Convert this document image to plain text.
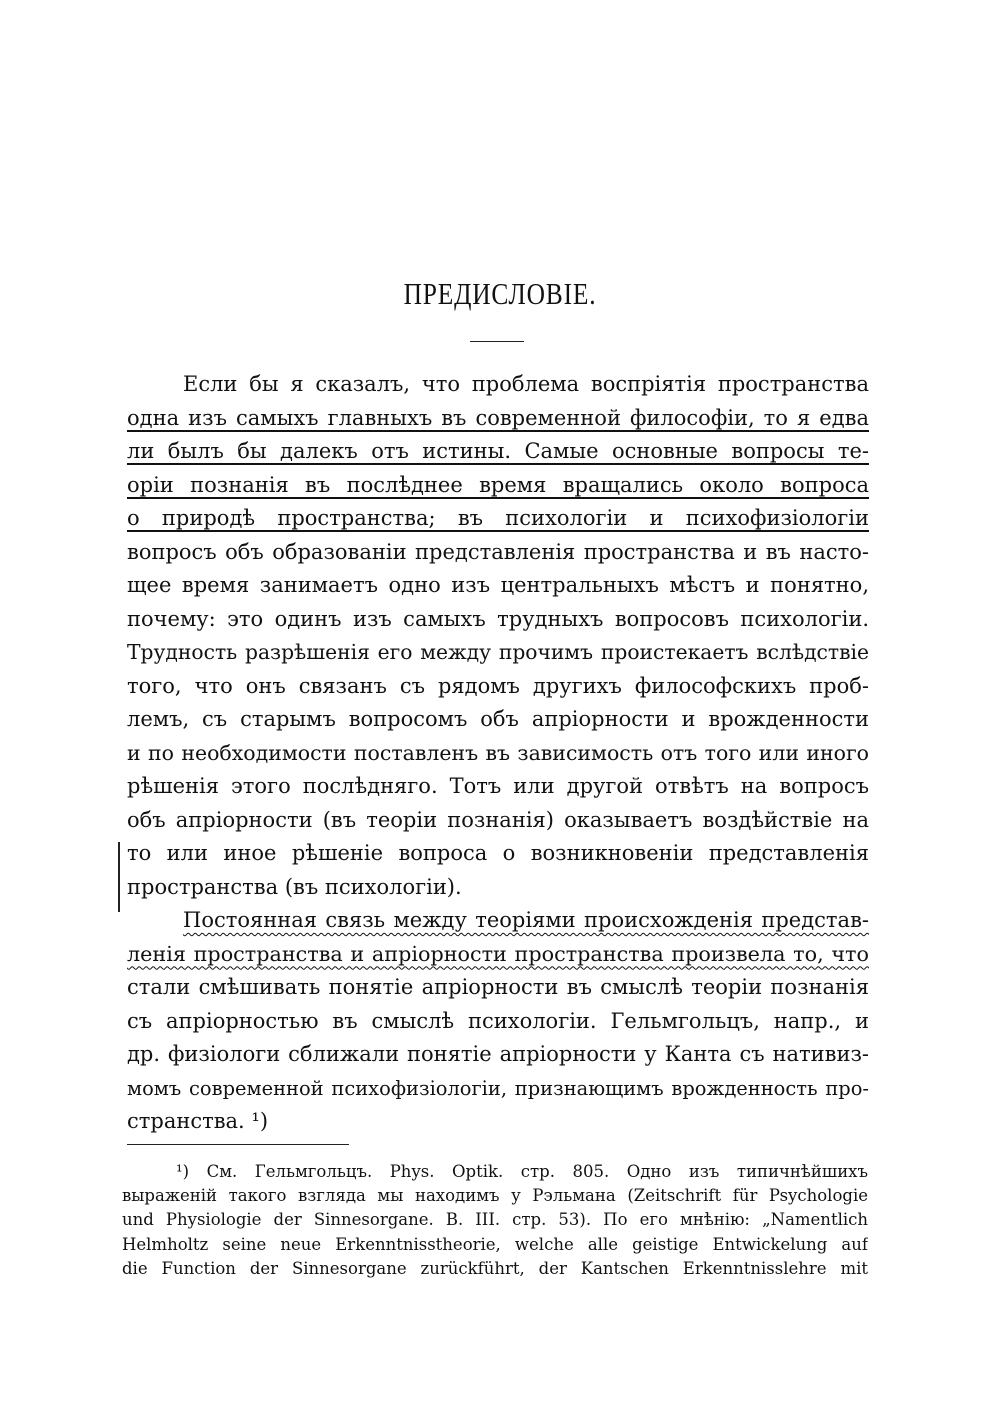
ПРЕДИСЛОВІЕ.
Если бы я сказалъ, что проблема воспріятія пространства
одна изъ самыхъ главныхъ въ современной философіи, то я едва
ли былъ бы далекъ отъ истины. Самые основные вопросы те-
оріи познанія въ послѣднее время вращались около вопроса
о природѣ пространства; въ психологіи и психофизіологіи
вопросъ объ образованіи представленія пространства и въ насто-
щее время занимаетъ одно изъ центральныхъ мѣстъ и понятно,
почему: это одинъ изъ самыхъ трудныхъ вопросовъ психологіи.
Трудность разрѣшенія его между прочимъ проистекаетъ вслѣдствіе
того, что онъ связанъ съ рядомъ другихъ философскихъ проб-
лемъ, съ старымъ вопросомъ объ апріорности и врожденности
и по необходимости поставленъ въ зависимость отъ того или иного
рѣшенія этого послѣдняго. Тотъ или другой отвѣтъ на вопросъ
объ апріорности (въ теоріи познанія) оказываетъ воздѣйствіе на
то или иное рѣшеніе вопроса о возникновеніи представленія
пространства (въ психологіи).
Постоянная связь между теоріями происхожденія представ-
ленія пространства и апріорности пространства произвела то, что
стали смѣшивать понятіе апріорности въ смыслѣ теоріи познанія
съ апріорностью въ смыслѣ психологіи. Гельмгольцъ, напр., и
др. физіологи сближали понятіе апріорности у Канта съ нативиз-
момъ современной психофизіологіи, признающимъ врожденность про-
странства. ¹)
¹) См. Гельмгольцъ. Phys. Optik. стр. 805. Одно изъ типичнѣйшихъ
выраженій такого взгляда мы находимъ у Рэльмана (Zeitschrift für Psychologie
und Physiologie der Sinnesorgane. B. III. стр. 53). По его мнѣнію: „Namentlich
Helmholtz seine neue Erkenntnisstheorie, welche alle geistige Entwickelung auf
die Function der Sinnesorgane zurückführt, der Kantschen Erkenntnisslehre mit
